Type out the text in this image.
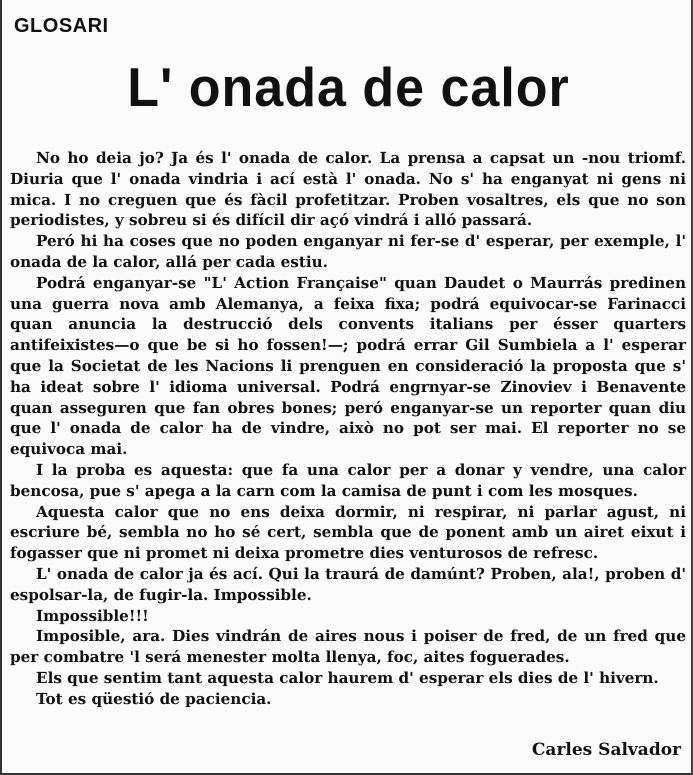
GLOSARI
L' onada de calor

No ho deia jo? Ja és l' onada de calor. La prensa a capsat un -nou triomf. Diuria que l' onada vindria i ací està l' onada. No s' ha enganyat ni gens ni mica. I no creguen que és fàcil profetitzar. Proben vosaltres, els que no son periodistes, y sobreu si és difícil dir açó vindrá i alló passará.

Peró hi ha coses que no poden enganyar ni fer-se d' esperar, per exemple, l' onada de la calor, allá per cada estiu.

Podrá enganyar-se "L' Action Française" quan Daudet o Maurrás predinen una guerra nova amb Alemanya, a feixa fixa; podrá equivocar-se Farinacci quan anuncia la destrucció dels convents italians per ésser quarters antifeixistes—o que be si ho fossen!—; podrá errar Gil Sumbiela a l' esperar que la Societat de les Nacions li prenguen en consideració la proposta que s' ha ideat sobre l' idioma universal. Podrá engrnyar-se Zinoviev i Benavente quan asseguren que fan obres bones; peró enganyar-se un reporter quan diu que l' onada de calor ha de vindre, això no pot ser mai. El reporter no se equivoca mai.

I la proba es aquesta: que fa una calor per a donar y vendre, una calor bencosa, pue s' apega a la carn com la camisa de punt i com les mosques.

Aquesta calor que no ens deixa dormir, ni respirar, ni parlar agust, ni escriure bé, sembla no ho sé cert, sembla que de ponent amb un airet eixut i fogasser que ni promet ni deixa prometre dies venturosos de refresc.

L' onada de calor ja és ací. Qui la traurá de damúnt? Proben, ala!, proben d' espolsar-la, de fugir-la. Impossible.

Impossible!!!

Imposible, ara. Dies vindrán de aires nous i poiser de fred, de un fred que per combatre 'l será menester molta llenya, foc, aites foguerades.

Els que sentim tant aquesta calor haurem d' esperar els dies de l' hivern.

Tot es qüestió de paciencia.

Carles Salvador
